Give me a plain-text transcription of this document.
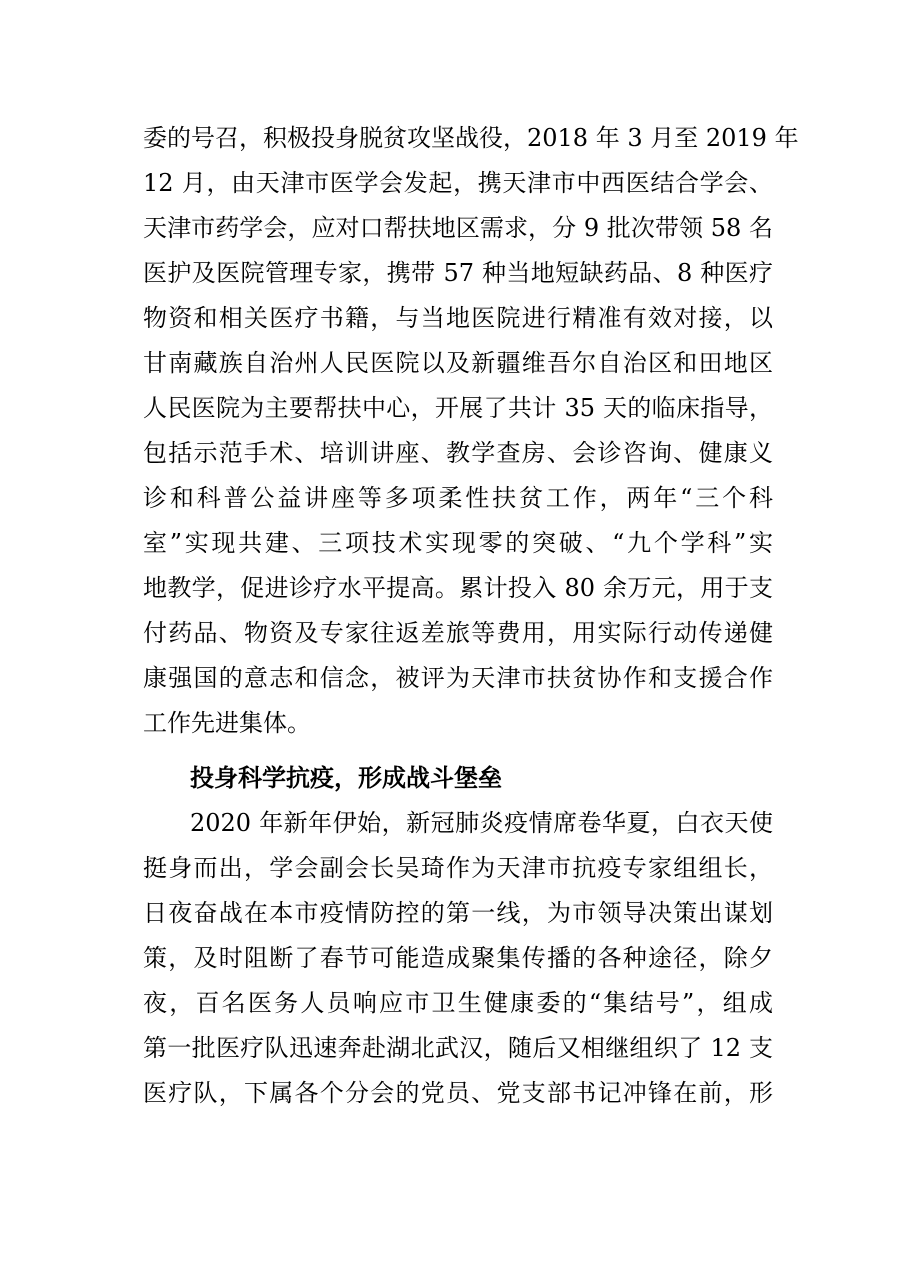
委的号召，积极投身脱贫攻坚战役，2018 年 3 月至 2019 年
12 月，由天津市医学会发起，携天津市中西医结合学会、
天津市药学会，应对口帮扶地区需求，分 9 批次带领 58 名
医护及医院管理专家，携带 57 种当地短缺药品、8 种医疗
物资和相关医疗书籍，与当地医院进行精准有效对接，以
甘南藏族自治州人民医院以及新疆维吾尔自治区和田地区
人民医院为主要帮扶中心，开展了共计 35 天的临床指导，
包括示范手术、培训讲座、教学查房、会诊咨询、健康义
诊和科普公益讲座等多项柔性扶贫工作，两年“三个科
室”实现共建、三项技术实现零的突破、“九个学科”实
地教学，促进诊疗水平提高。累计投入 80 余万元，用于支
付药品、物资及专家往返差旅等费用，用实际行动传递健
康强国的意志和信念，被评为天津市扶贫协作和支援合作
工作先进集体。
投身科学抗疫，形成战斗堡垒
2020 年新年伊始，新冠肺炎疫情席卷华夏，白衣天使
挺身而出，学会副会长吴琦作为天津市抗疫专家组组长，
日夜奋战在本市疫情防控的第一线，为市领导决策出谋划
策，及时阻断了春节可能造成聚集传播的各种途径，除夕
夜，百名医务人员响应市卫生健康委的“集结号”，组成
第一批医疗队迅速奔赴湖北武汉，随后又相继组织了 12 支
医疗队，下属各个分会的党员、党支部书记冲锋在前，形
